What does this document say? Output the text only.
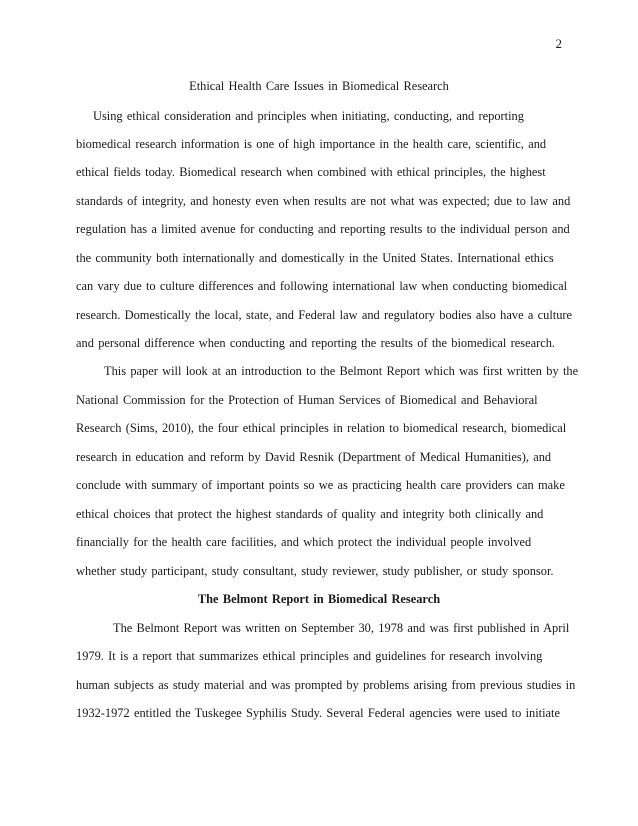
2
Ethical Health Care Issues in Biomedical Research
Using ethical consideration and principles when initiating, conducting, and reporting
biomedical research information is one of high importance in the health care, scientific, and
ethical fields today. Biomedical research when combined with ethical principles, the highest
standards of integrity, and honesty even when results are not what was expected; due to law and
regulation has a limited avenue for conducting and reporting results to the individual person and
the community both internationally and domestically in the United States. International ethics
can vary due to culture differences and following international law when conducting biomedical
research. Domestically the local, state, and Federal law and regulatory bodies also have a culture
and personal difference when conducting and reporting the results of the biomedical research.
This paper will look at an introduction to the Belmont Report which was first written by the
National Commission for the Protection of Human Services of Biomedical and Behavioral
Research (Sims, 2010), the four ethical principles in relation to biomedical research, biomedical
research in education and reform by David Resnik (Department of Medical Humanities), and
conclude with summary of important points so we as practicing health care providers can make
ethical choices that protect the highest standards of quality and integrity both clinically and
financially for the health care facilities, and which protect the individual people involved
whether study participant, study consultant, study reviewer, study publisher, or study sponsor.
The Belmont Report in Biomedical Research
The Belmont Report was written on September 30, 1978 and was first published in April
1979. It is a report that summarizes ethical principles and guidelines for research involving
human subjects as study material and was prompted by problems arising from previous studies in
1932-1972 entitled the Tuskegee Syphilis Study. Several Federal agencies were used to initiate
